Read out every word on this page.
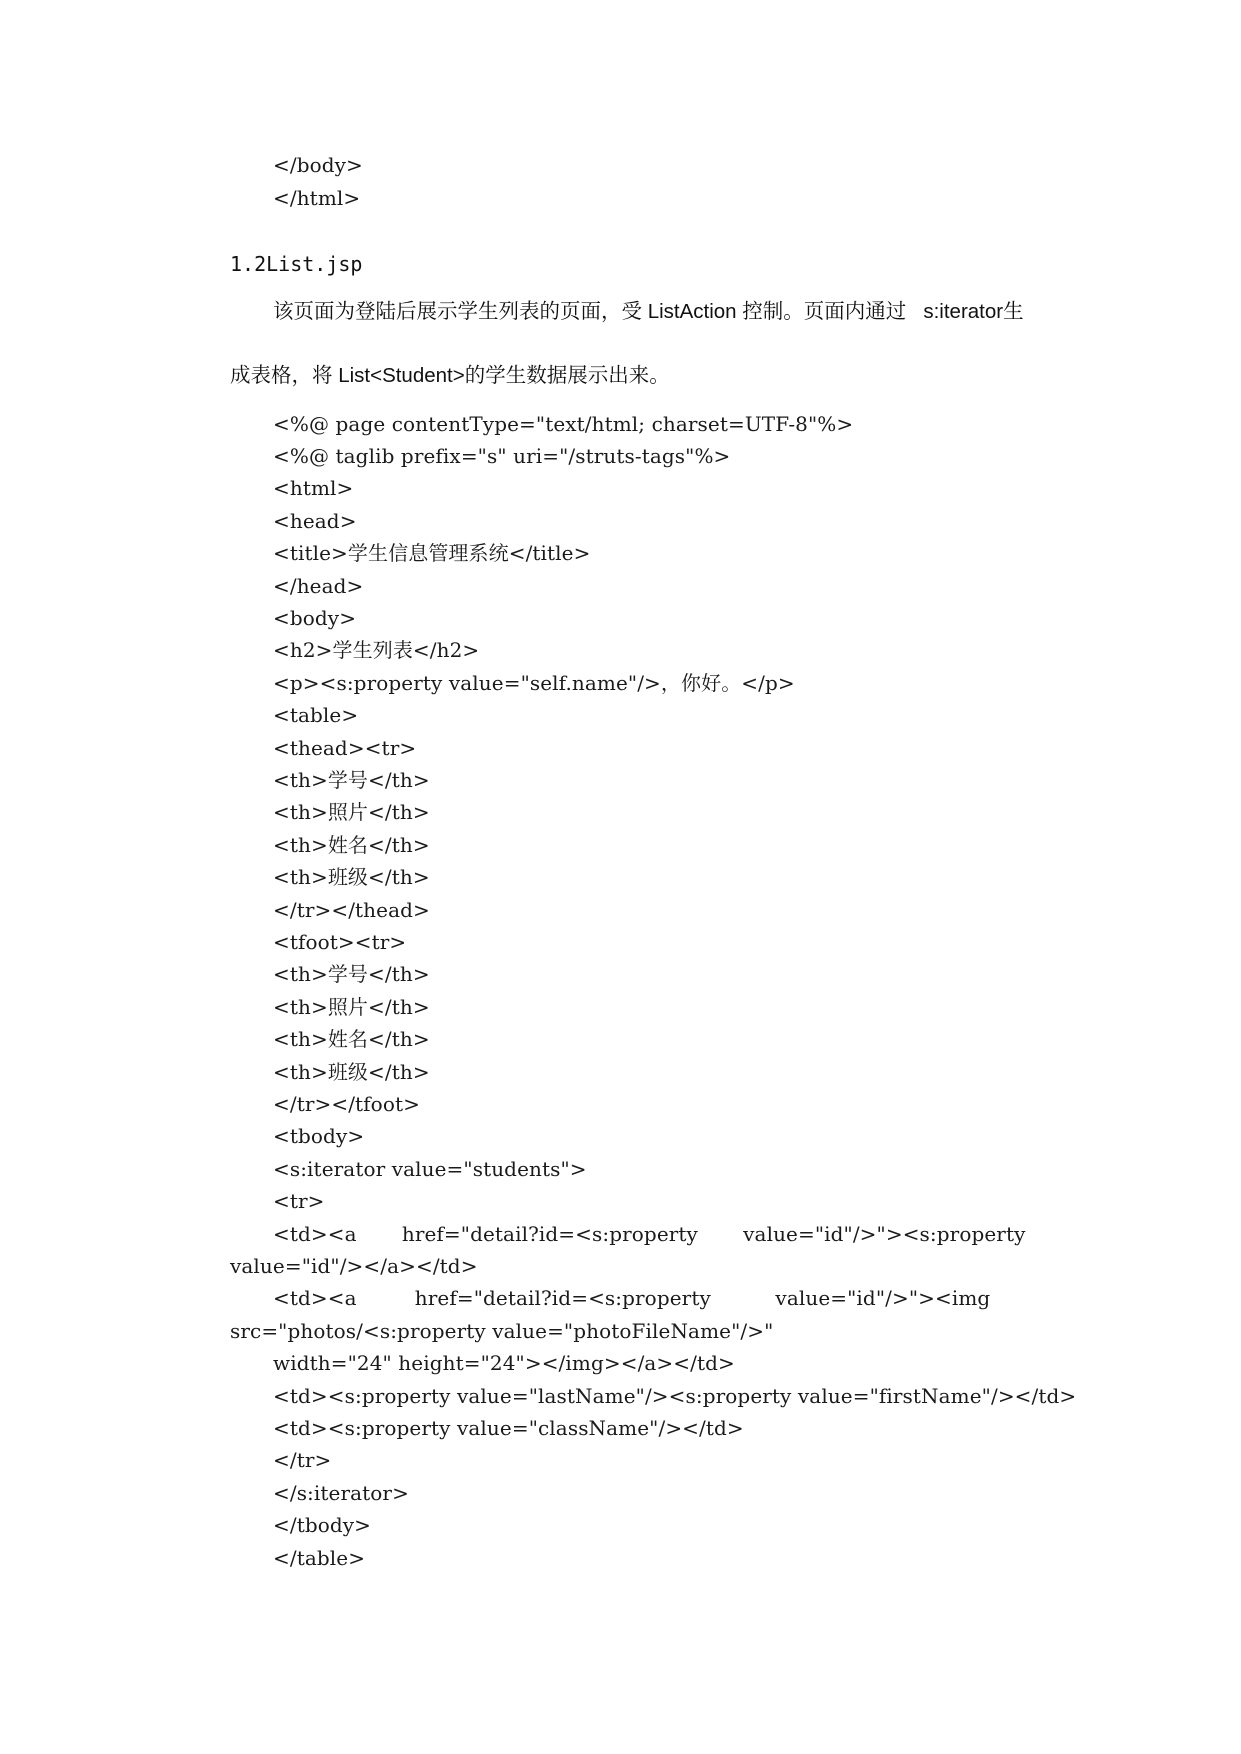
</body>
</html>
1.2List.jsp
该页面为登陆后展示学生列表的页面，受 ListAction 控制。页面内通过   s:iterator生
成表格，将 List<Student>的学生数据展示出来。
<%@ page contentType="text/html; charset=UTF-8"%>
<%@ taglib prefix="s" uri="/struts-tags"%>
<html>
<head>
<title>学生信息管理系统</title>
</head>
<body>
<h2>学生列表</h2>
<p><s:property value="self.name"/>，你好。</p>
<table>
<thead><tr>
<th>学号</th>
<th>照片</th>
<th>姓名</th>
<th>班级</th>
</tr></thead>
<tfoot><tr>
<th>学号</th>
<th>照片</th>
<th>姓名</th>
<th>班级</th>
</tr></tfoot>
<tbody>
<s:iterator value="students">
<tr>
<td><a       href="detail?id=<s:property       value="id"/>"><s:property
value="id"/></a></td>
<td><a         href="detail?id=<s:property          value="id"/>"><img
src="photos/<s:property value="photoFileName"/>"
width="24" height="24"></img></a></td>
<td><s:property value="lastName"/><s:property value="firstName"/></td>
<td><s:property value="className"/></td>
</tr>
</s:iterator>
</tbody>
</table>
